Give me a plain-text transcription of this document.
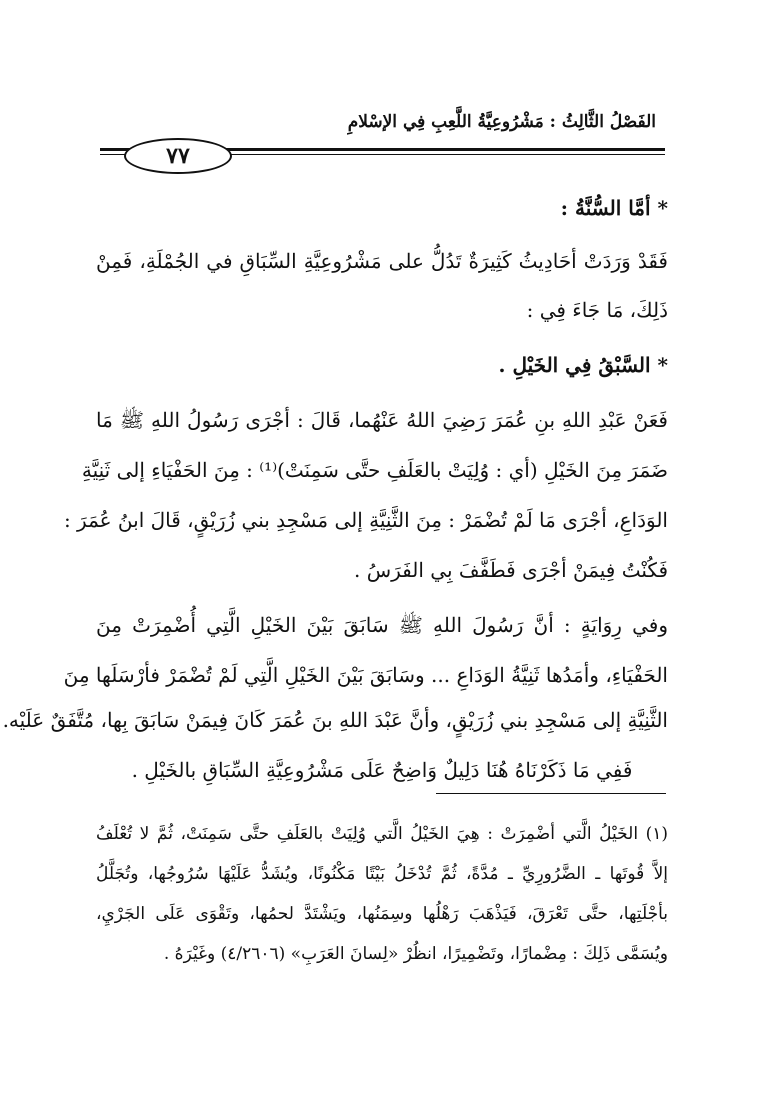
الفَصْلُ الثَّالِثُ : مَشْرُوعِيَّةُ اللَّعِبِ فِي الإسْلامِ
٧٧
* أمَّا السُّنَّةُ :
فَقَدْ وَرَدَتْ أحَادِيثُ كَثِيرَةٌ تَدُلُّ على مَشْرُوعِيَّةِ السِّبَاقِ في الجُمْلَةِ، فَمِنْ
ذَلِكَ، مَا جَاءَ فِي :
* السَّبْقُ فِي الخَيْلِ .
فَعَنْ عَبْدِ اللهِ بنِ عُمَرَ رَضِيَ اللهُ عَنْهُما، قَالَ : أجْرَى رَسُولُ اللهِ ﷺ مَا
ضَمَرَ مِنَ الخَيْلِ (أي : وُلِيَتْ بالعَلَفِ حتَّى سَمِنَتْ)⁽¹⁾ : مِنَ الحَفْيَاءِ إلى ثَنِيَّةِ
الوَدَاعِ، أجْرَى مَا لَمْ تُضْمَرْ : مِنَ الثَّنِيَّةِ إلى مَسْجِدِ بني زُرَيْقٍ، قَالَ ابنُ عُمَرَ :
فَكُنْتُ فِيمَنْ أجْرَى فَطَفَّفَ بِي الفَرَسُ .
وفي رِوَايَةٍ : أنَّ رَسُولَ اللهِ ﷺ سَابَقَ بَيْنَ الخَيْلِ الَّتِي أُضْمِرَتْ مِنَ
الحَفْيَاءِ، وأمَدُها ثَنِيَّةُ الوَدَاعِ ... وسَابَقَ بَيْنَ الخَيْلِ الَّتِي لَمْ تُضْمَرْ فأرْسَلَها مِنَ
الثَّنِيَّةِ إلى مَسْجِدِ بني زُرَيْقٍ، وأنَّ عَبْدَ اللهِ بنَ عُمَرَ كَانَ فِيمَنْ سَابَقَ بِها، مُتَّفَقٌ عَلَيْه.
فَفِي مَا ذَكَرْنَاهُ هُنَا دَلِيلٌ وَاضِحٌ عَلَى مَشْرُوعِيَّةِ السِّبَاقِ بالخَيْلِ .
(١) الخَيْلُ الَّتي أضْمِرَتْ : هِيَ الخَيْلُ الَّتي وُلِيَتْ بالعَلَفِ حتَّى سَمِنَتْ، ثُمَّ لا تُعْلَفُ
إلاَّ قُوتَها ـ الضَّرُورِيِّ ـ مُدَّةً، ثُمَّ تُدْخَلُ بَيْتًا مَكْنُونًا، ويُشَدُّ عَلَيْهَا سُرُوجُها، وتُجَلَّلُ
بأجْلَتِها، حتَّى تَعْرَقَ، فَيَذْهَبَ رَهْلُها وسِمَنُها، ويَشْتَدَّ لحمُها، وتَقْوَى عَلَى الجَرْيِ،
ويُسَمَّى ذَلِكَ : مِضْمارًا، وتَضْمِيرًا، انظُرْ «لِسانَ العَرَبِ» (٤/٢٦٠٦) وغَيْرَهُ .
